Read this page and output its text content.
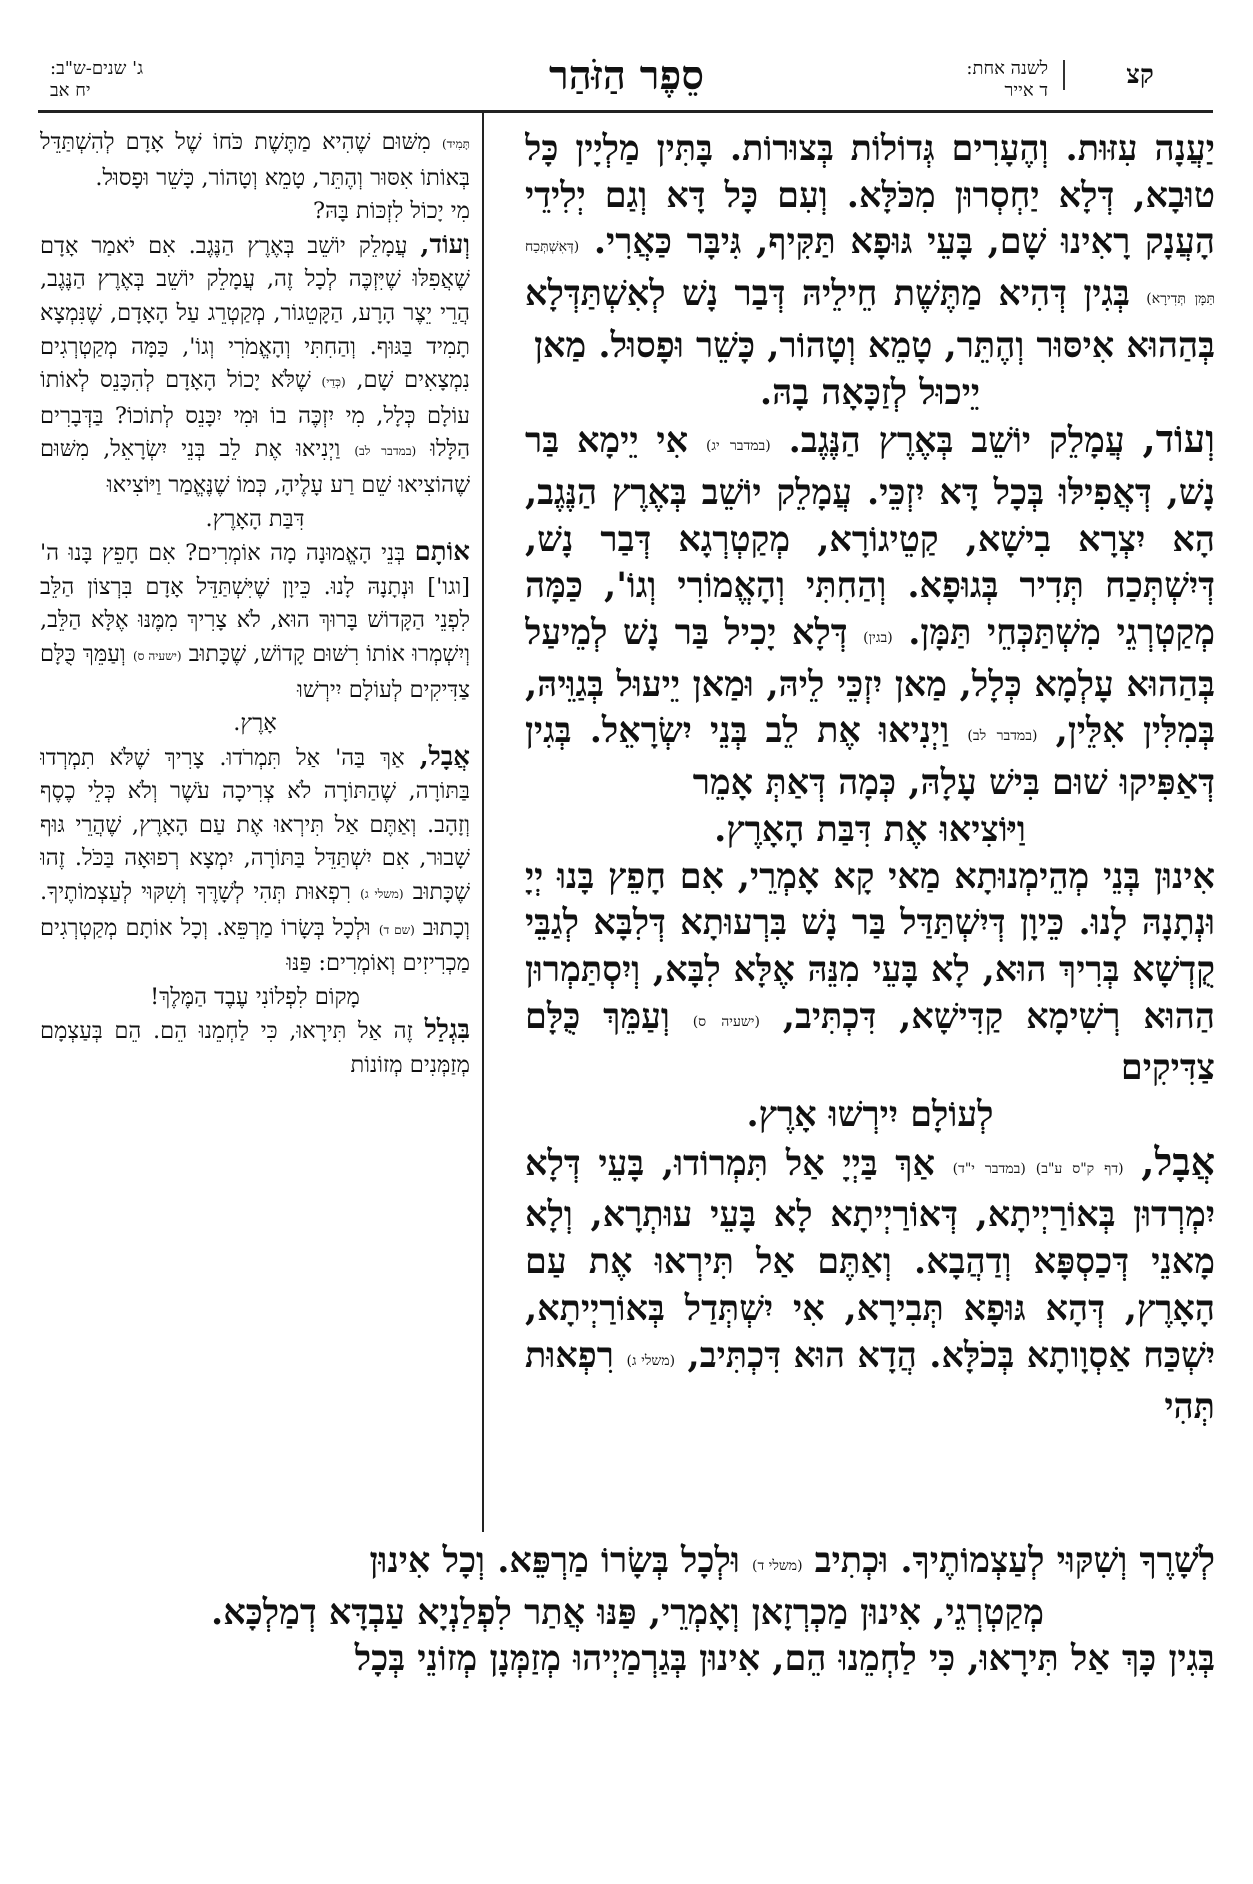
קצ
לשנה אחת:
ד אייר
סֵפֶר הַזֹּהַר
ג' שנים-ש"ב:
יח אב

יַעֲנָה עִזּוּת. וְהֶעָרִים גְּדוֹלוֹת בְּצוּרוֹת. בָּתִּין מַלְיָין כָּל טוּבָא, דְּלָא יַחְסְרוּן מִכֹּלָּא. וְעִם כָּל דָּא וְגַם יְלִידֵי הָעֲנָק רָאִינוּ שָׁם, בָּעֵי גּוּפָא תַּקִּיף, גִּיבָּר כַּאֲרִי. (דְּאִשְׁתְּכַח תַּמָּן תְּדִירָא) בְּגִין דְּהִיא מַתֶּשֶׁת חֵילֵיהּ דְּבַר נָשׁ לְאִשְׁתַּדְּלָא בְּהַהוּא אִיסּוּר וְהֶתֵּר, טָמֵא וְטָהוֹר, כָּשֵׁר וּפָסוּל. מַאן

יֵיכוּל לְזַכָּאָה בָהּ.

וְעוֹד, עֲמָלֵק יוֹשֵׁב בְּאֶרֶץ הַנֶּגֶב. (במדבר יג) אִי יֵימָא בַּר נָשׁ, דְּאֲפִילּוּ בְּכָל דָּא יִזְכֵּי. עֲמָלֵק יוֹשֵׁב בְּאֶרֶץ הַנֶּגֶב, הָא יִצְרָא בִישָׁא, קַטֵיגוֹרָא, מְקַטְרְגָא דְּבַר נָשׁ, דְּיִשְׁתְּכַח תְּדִיר בְּגוּפָא. וְהַחִתִּי וְהָאֱמוֹרִי וְגוֹ', כַּמָּה מְקַטְרְגֵי מִשְׁתַּכְּחֵי תַּמָּן. (בגין) דְּלָא יָכִיל בַּר נָשׁ לְמֵיעַל בְּהַהוּא עָלְמָא כְּלָל, מַאן יִזְכֵּי לֵיהּ, וּמַאן יֵיעוּל בְּגַוֵּיהּ, בְּמִלִּין אִלֵּין, (במדבר לב) וַיְנִיאוּ אֶת לֵב בְּנֵי יִשְׂרָאֵל. בְּגִין דְּאַפִּיקוּ שׁוּם בִּישׁ עָלָהּ, כְּמָה דְּאַתְּ אָמֵר

וַיּוֹצִיאוּ אֶת דִּבַּת הָאָרֶץ.

אִינוּן בְּנֵי מְהֵימְנוּתָא מַאי קָא אָמְרֵי, אִם חָפֵץ בָּנוּ יְיָ וּנְתָנָהּ לָנוּ. כֵּיוָן דְּיִשְׁתַּדַּל בַּר נָשׁ בִּרְעוּתָא דְּלִבָּא לְגַבֵּי קֻדְשָׁא בְּרִיךְ הוּא, לָא בָּעֵי מִנֵּהּ אֶלָּא לִבָּא, וְיִסְתַּמְרוּן הַהוּא רְשִׁימָא קַדִּישָׁא, דִּכְתִּיב, (ישעיה ס) וְעַמֵּךְ כֻּלָּם צַדִּיקִים

לְעוֹלָם יִירְשׁוּ אָרֶץ.

אֲבָל, (דף ק"ס ע"ב) (במדבר י"ד) אַךְ בַּיְיָ אַל תִּמְרוֹדוּ, בָּעֵי דְּלָא יִמְרְדוּן בְּאוֹרַיְיתָא, דְּאוֹרַיְיתָא לָא בָּעֵי עוּתְרָא, וְלָא מָאנֵי דְּכַסְפָּא וְדַהֲבָא. וְאַתֶּם אַל תִּירְאוּ אֶת עַם הָאָרֶץ, דְּהָא גּוּפָא תְּבִירָא, אִי יִשְׁתְּדַל בְּאוֹרַיְיתָא, יִשְׁכַּח אַסְוָותָא בְּכֹלָּא. הֲדָא הוּא דִּכְתִּיב, (משלי ג) רִפְאוּת תְּהִי

תָּמִיד) מִשּׁוּם שֶׁהִיא מַתֶּשֶׁת כֹּחוֹ שֶׁל אָדָם לְהִשְׁתַּדֵּל בְּאוֹתוֹ אִסּוּר וְהֶתֵּר, טָמֵא וְטָהוֹר, כָּשֵׁר וּפָסוּל.

מִי יָכוֹל לִזְכּוֹת בָּהּ?

וְעוֹד, עֲמָלֵק יוֹשֵׁב בְּאֶרֶץ הַנֶּגֶב. אִם יֹאמַר אָדָם שֶׁאֲפִלּוּ שֶׁיִּזְכֶּה לְכָל זֶה, עֲמָלֵק יוֹשֵׁב בְּאֶרֶץ הַנֶּגֶב, הֲרֵי יֵצֶר הָרָע, הַקָּטֵגוֹר, מְקַטְרֵג עַל הָאָדָם, שֶׁנִּמְצָא תָמִיד בַּגּוּף. וְהַחִתִּי וְהָאֱמֹרִי וְגוֹ', כַּמָּה מְקַטְרְגִים נִמְצָאִים שָׁם, (כְּדֵי) שֶׁלֹּא יָכוֹל הָאָדָם לְהִכָּנֵס לְאוֹתוֹ עוֹלָם כְּלָל, מִי יִזְכֶּה בוֹ וּמִי יִכָּנֵס לְתוֹכוֹ? בַּדְּבָרִים הַלָּלוּ (במדבר לב) וַיְנִיאוּ אֶת לֵב בְּנֵי יִשְׂרָאֵל, מִשּׁוּם שֶׁהוֹצִיאוּ שֵׁם רַע עָלֶיהָ, כְּמוֹ שֶׁנֶּאֱמַר וַיּוֹצִיאוּ

דִּבַּת הָאָרֶץ.

אוֹתָם בְּנֵי הָאֱמוּנָה מָה אוֹמְרִים? אִם חָפֵץ בָּנוּ ה' [וגו'] וּנְתָנָהּ לָנוּ. כֵּיוָן שֶׁיִּשְׁתַּדֵּל אָדָם בִּרְצוֹן הַלֵּב לִפְנֵי הַקָּדוֹשׁ בָּרוּךְ הוּא, לֹא צָרִיךְ מִמֶּנּוּ אֶלָּא הַלֵּב, וְיִשְׁמְרוּ אוֹתוֹ רִשּׁוּם קָדוֹשׁ, שֶׁכָּתוּב (ישעיה ס) וְעַמֵּךְ כֻּלָּם צַדִּיקִים לְעוֹלָם יִירְשׁוּ

אָרֶץ.

אֲבָל, אַךְ בַּה' אַל תִּמְרֹדוּ. צָרִיךְ שֶׁלֹּא תִמְרְדוּ בַּתּוֹרָה, שֶׁהַתּוֹרָה לֹא צְרִיכָה עֹשֶׁר וְלֹא כְּלֵי כֶסֶף וְזָהָב. וְאַתֶּם אַל תִּירְאוּ אֶת עַם הָאָרֶץ, שֶׁהֲרֵי גּוּף שָׁבוּר, אִם יִשְׁתַּדֵּל בַּתּוֹרָה, יִמְצָא רְפוּאָה בַּכֹּל. זֶהוּ שֶׁכָּתוּב (משלי ג) רִפְאוּת תְּהִי לְשָׁרֶּךָ וְשִׁקּוּי לְעַצְמוֹתֶיךָ. וְכָתוּב (שם ד) וּלְכָל בְּשָׂרוֹ מַרְפֵּא. וְכָל אוֹתָם מְקַטְרְגִים מַכְרִיזִים וְאוֹמְרִים: פַּנּוּ

מָקוֹם לִפְלוֹנִי עֶבֶד הַמֶּלֶךְ!

בִּגְלַל זֶה אַל תִּירָאוּ, כִּי לַחְמֵנוּ הֵם. הֵם בְּעַצְמָם מְזַמְּנִים מְזוֹנוֹת

לְשָׁרֶךָ וְשִׁקּוּי לְעַצְמוֹתֶיךָ. וּכְתִיב (משלי ד) וּלְכָל בְּשָׂרוֹ מַרְפֵּא. וְכָל אִינוּן

מְקַטְרְגֵי, אִינוּן מַכְרְזָאן וְאָמְרֵי, פַּנּוּ אֲתַר לִפְלַנְיָא עַבְדָּא דְמַלְכָּא.

בְּגִין כָּךְ אַל תִּירָאוּ, כִּי לַחְמֵנוּ הֵם, אִינוּן בְּגַרְמַיְיהוּ מְזַמְּנָן מְזוֹנֵי בְּכָל
